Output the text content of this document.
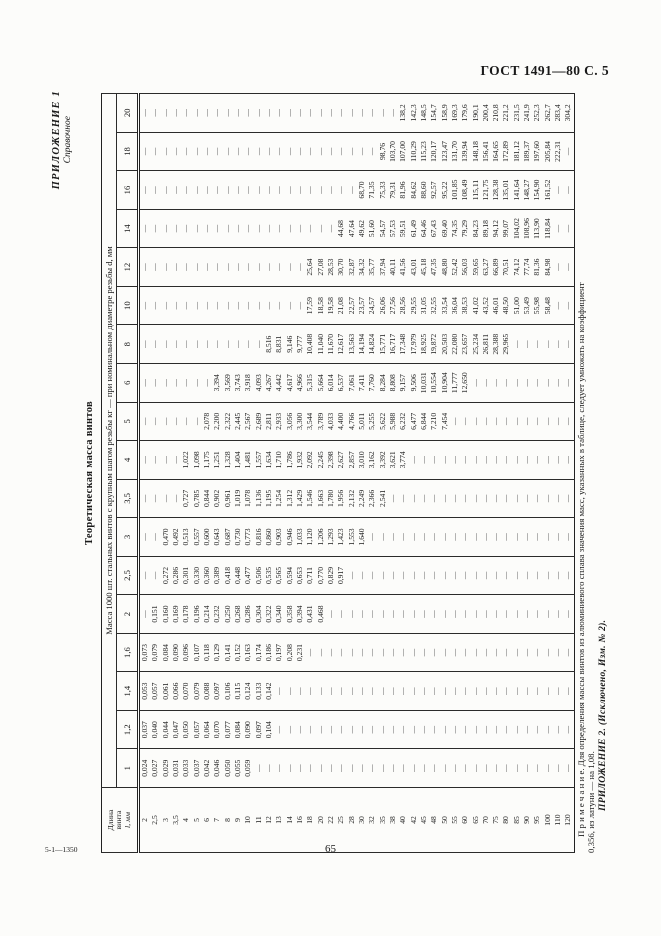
ГОСТ 1491—80 С. 5
ПРИЛОЖЕНИЕ 1 Справочное
Теоретическая масса винтов
Длина винта l, мм	Масса 1000 шт. стальных винтов с крупным шагом резьбы кг — при номинальном диаметре резьбы d, мм																	
	1	1,2	1,4	1,6	2	2,5	3	3,5	4	5	6	8	10	12	14	16	18	20
2	0,024	0,037	0,053	0,073	—	—	—	—	—	—	—	—	—	—	—	—	—	—
2,5	0,027	0,040	0,057	0,079	0,151	—	—	—	—	—	—	—	—	—	—	—	—	—
3	0,029	0,044	0,061	0,084	0,160	0,272	0,470	—	—	—	—	—	—	—	—	—	—	—
3,5	0,031	0,047	0,066	0,090	0,169	0,286	0,492	—	—	—	—	—	—	—	—	—	—	—
4	0,033	0,050	0,070	0,096	0,178	0,301	0,513	0,727	1,022	—	—	—	—	—	—	—	—	—
5	0,037	0,057	0,079	0,107	0,196	0,330	0,557	0,785	1,098	—	—	—	—	—	—	—	—	—
6	0,042	0,064	0,088	0,118	0,214	0,360	0,600	0,844	1,175	2,078	—	—	—	—	—	—	—	—
7	0,046	0,070	0,097	0,129	0,232	0,389	0,643	0,902	1,251	2,200	3,394	—	—	—	—	—	—	—
8	0,050	0,077	0,106	0,141	0,250	0,418	0,687	0,961	1,328	2,322	3,569	—	—	—	—	—	—	—
9	0,055	0,084	0,115	0,152	0,268	0,448	0,730	1,019	1,404	2,445	3,743	—	—	—	—	—	—	—
10	0,059	0,090	0,124	0,163	0,286	0,477	0,773	1,078	1,481	2,567	3,918	—	—	—	—	—	—	—
11	—	0,097	0,133	0,174	0,304	0,506	0,816	1,136	1,557	2,689	4,093	—	—	—	—	—	—	—
12	—	0,104	0,142	0,186	0,322	0,535	0,860	1,195	1,634	2,811	4,267	8,516	—	—	—	—	—	—
13	—	—	—	0,197	0,340	0,565	0,903	1,254	1,710	2,933	4,442	8,831	—	—	—	—	—	—
14	—	—	—	0,208	0,358	0,594	0,946	1,312	1,786	3,056	4,617	9,146	—	—	—	—	—	—
16	—	—	—	0,231	0,394	0,653	1,033	1,429	1,932	3,300	4,966	9,777	—	—	—	—	—	—
18	—	—	—	—	0,431	0,711	1,120	1,546	2,092	3,544	5,315	10,408	17,59	25,64	—	—	—	—
20	—	—	—	—	0,468	0,770	1,206	1,663	2,245	3,789	5,664	11,040	18,58	27,08	—	—	—	—
22	—	—	—	—	—	0,829	1,293	1,780	2,398	4,033	6,014	11,670	19,58	28,53	—	—	—	—
25	—	—	—	—	—	0,917	1,423	1,956	2,627	4,400	6,537	12,617	21,08	30,70	44,68	—	—	—
28	—	—	—	—	—	—	1,553	2,132	2,857	4,766	7,061	13,563	22,57	32,87	47,64	—	—	—
30	—	—	—	—	—	—	1,640	2,249	3,010	5,011	7,411	14,194	23,57	34,32	49,62	68,70	—	—
32	—	—	—	—	—	—	—	2,366	3,162	5,255	7,760	14,824	24,57	35,77	51,60	71,35	—	—
35	—	—	—	—	—	—	—	2,541	3,392	5,622	8,284	15,771	26,06	37,94	54,57	75,33	98,76	—
38	—	—	—	—	—	—	—	—	3,621	5,988	8,808	16,717	27,56	40,11	57,53	79,31	103,70	—
40	—	—	—	—	—	—	—	—	3,774	6,232	9,157	17,348	28,56	41,56	59,51	81,96	107,00	138,2
42	—	—	—	—	—	—	—	—	—	6,477	9,506	17,979	29,55	43,01	61,49	84,62	110,29	142,3
45	—	—	—	—	—	—	—	—	—	6,844	10,031	18,925	31,05	45,18	64,46	88,60	115,23	148,5
48	—	—	—	—	—	—	—	—	—	7,210	10,554	19,872	32,55	47,35	67,43	92,57	120,17	154,7
50	—	—	—	—	—	—	—	—	—	7,454	10,904	20,503	33,54	48,80	69,40	95,22	123,47	158,9
55	—	—	—	—	—	—	—	—	—	—	11,777	22,080	36,04	52,42	74,35	101,85	131,70	169,3
60	—	—	—	—	—	—	—	—	—	—	12,650	23,657	38,53	56,03	79,29	108,49	139,94	179,6
65	—	—	—	—	—	—	—	—	—	—	—	25,234	41,02	59,65	84,23	115,11	148,18	190,1
70	—	—	—	—	—	—	—	—	—	—	—	26,811	43,52	63,27	89,18	121,75	156,41	200,4
75	—	—	—	—	—	—	—	—	—	—	—	28,388	46,01	66,89	94,12	128,38	164,65	210,8
80	—	—	—	—	—	—	—	—	—	—	—	29,965	48,50	70,51	99,07	135,01	172,89	221,2
85	—	—	—	—	—	—	—	—	—	—	—	—	51,00	74,12	104,02	141,64	181,12	231,5
90	—	—	—	—	—	—	—	—	—	—	—	—	53,49	77,74	108,96	148,27	189,37	241,9
95	—	—	—	—	—	—	—	—	—	—	—	—	55,98	81,36	113,90	154,90	197,60	252,3
100	—	—	—	—	—	—	—	—	—	—	—	—	58,48	84,98	118,84	161,52	205,84	262,7
110	—	—	—	—	—	—	—	—	—	—	—	—	—	—	—	—	222,31	283,4
120	—	—	—	—	—	—	—	—	—	—	—	—	—	—	—	—	—	304,2
П р и м е ч а н и е. Для определения массы винтов из алюминиевого сплава значения масс, указанных в таблице, следует умножать на коэффициент 0,356, из латуни — на 1,08. ПРИЛОЖЕНИЕ 2. (Исключено, Изм. № 2).
5-1—1350	65
